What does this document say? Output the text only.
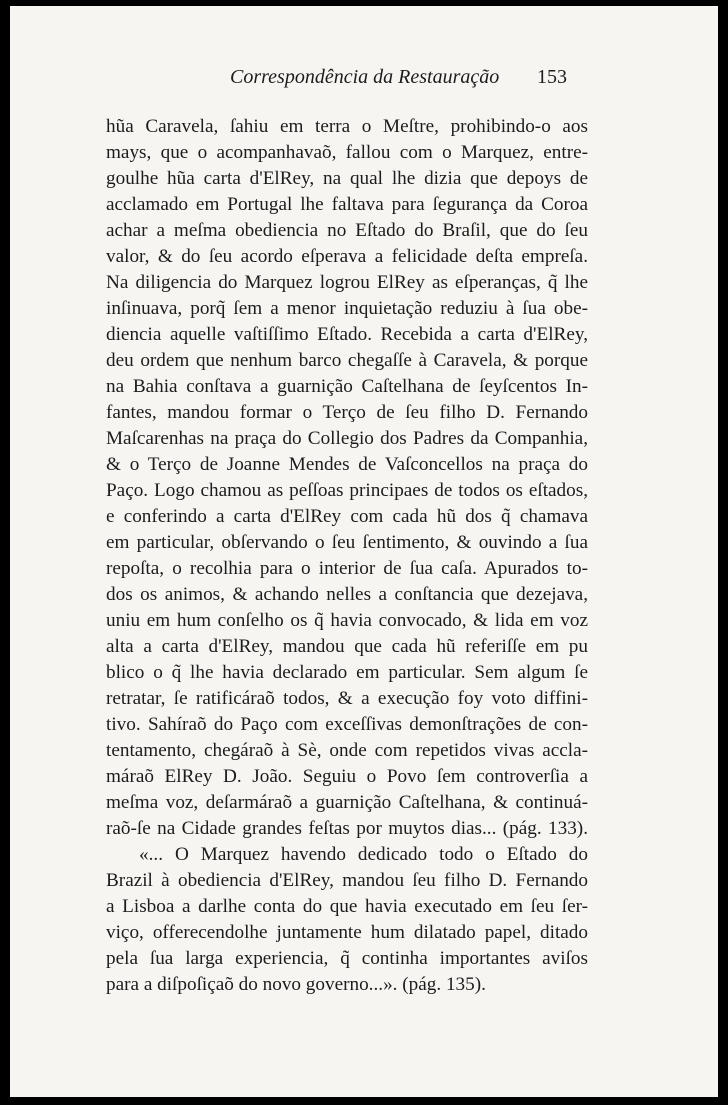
Correspondência da Restauração 153
hũa Caravela, ſahiu em terra o Meſtre, prohibindo-o aos
mays, que o acompanhavaõ, fallou com o Marquez, entre-
goulhe hũa carta d'ElRey, na qual lhe dizia que depoys de
acclamado em Portugal lhe faltava para ſegurança da Coroa
achar a meſma obediencia no Eſtado do Braſil, que do ſeu
valor, & do ſeu acordo eſperava a felicidade deſta empreſa.
Na diligencia do Marquez logrou ElRey as eſperanças, q̃ lhe
inſinuava, porq̃ ſem a menor inquietação reduziu à ſua obe-
diencia aquelle vaſtiſſimo Eſtado. Recebida a carta d'ElRey,
deu ordem que nenhum barco chegaſſe à Caravela, & porque
na Bahia conſtava a guarnição Caſtelhana de ſeyſcentos In-
fantes, mandou formar o Terço de ſeu filho D. Fernando
Maſcarenhas na praça do Collegio dos Padres da Companhia,
& o Terço de Joanne Mendes de Vaſconcellos na praça do
Paço. Logo chamou as peſſoas principaes de todos os eſtados,
e conferindo a carta d'ElRey com cada hũ dos q̃ chamava
em particular, obſervando o ſeu ſentimento, & ouvindo a ſua
repoſta, o recolhia para o interior de ſua caſa. Apurados to-
dos os animos, & achando nelles a conſtancia que dezejava,
uniu em hum conſelho os q̃ havia convocado, & lida em voz
alta a carta d'ElRey, mandou que cada hũ referiſſe em pu
blico o q̃ lhe havia declarado em particular. Sem algum ſe
retratar, ſe ratificáraõ todos, & a execução foy voto diffini-
tivo. Sahíraõ do Paço com exceſſivas demonſtrações de con-
tentamento, chegáraõ à Sè, onde com repetidos vivas accla-
máraõ ElRey D. João. Seguiu o Povo ſem controverſia a
meſma voz, deſarmáraõ a guarnição Caſtelhana, & continuá-
raõ-ſe na Cidade grandes feſtas por muytos dias... (pág. 133).
«... O Marquez havendo dedicado todo o Eſtado do
Brazil à obediencia d'ElRey, mandou ſeu filho D. Fernando
a Lisboa a darlhe conta do que havia executado em ſeu ſer-
viço, offerecendolhe juntamente hum dilatado papel, ditado
pela ſua larga experiencia, q̃ continha importantes aviſos
para a diſpoſiçaõ do novo governo...». (pág. 135).
